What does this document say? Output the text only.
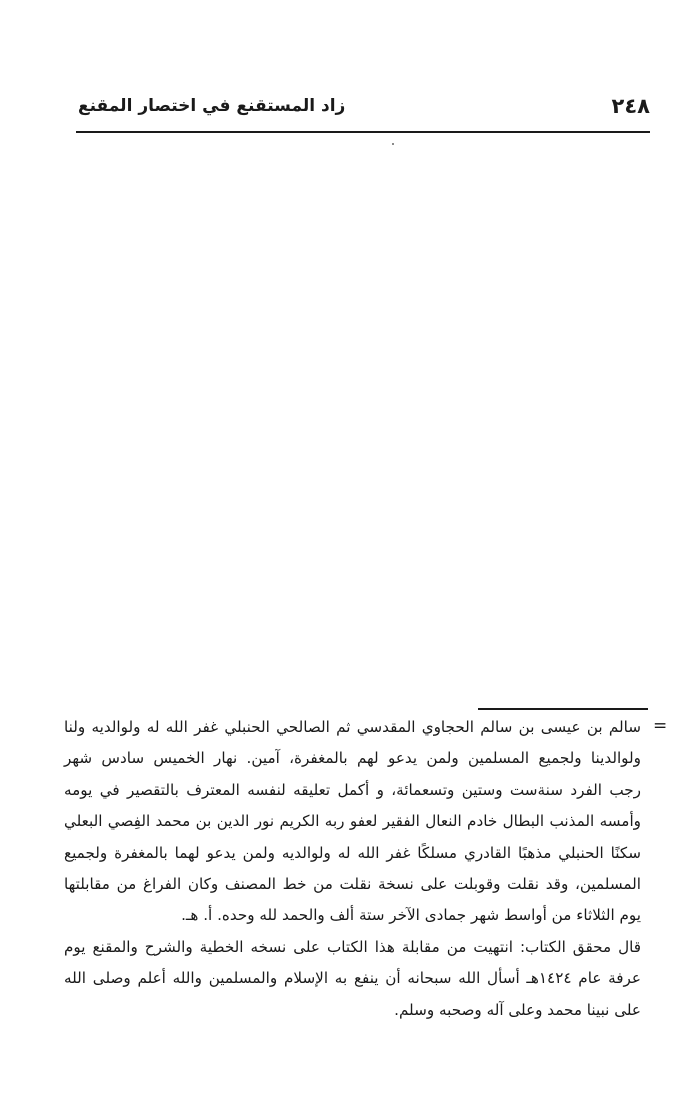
٢٤٨
زاد المستقنع في اختصار المقنع
=
سالم بن عيسى بن سالم الحجاوي المقدسي ثم الصالحي الحنبلي غفر الله له ولوالديه ولنا
ولوالدينا ولجميع المسلمين ولمن يدعو لهم بالمغفرة، آمين. نهار الخميس سادس شهر
رجب الفرد سنةست وستين وتسعمائة، و أكمل تعليقه لنفسه المعترف بالتقصير في يومه
وأمسه المذنب البطال خادم النعال الفقير لعفو ربه الكريم نور الدين بن محمد الفِصي البعلي
سكنًا الحنبلي مذهبًا القادري مسلكًا غفر الله له ولوالديه ولمن يدعو لهما بالمغفرة ولجميع
المسلمين، وقد نقلت وقوبلت على نسخة نقلت من خط المصنف وكان الفراغ من مقابلتها
يوم الثلاثاء من أواسط شهر جمادى الآخر ستة ألف والحمد لله وحده. أ. هـ.
قال محقق الكتاب: انتهيت من مقابلة هذا الكتاب على نسخه الخطية والشرح والمقنع يوم
عرفة عام ١٤٢٤هـ أسأل الله سبحانه أن ينفع به الإسلام والمسلمين والله أعلم وصلى الله
على نبينا محمد وعلى آله وصحبه وسلم.
